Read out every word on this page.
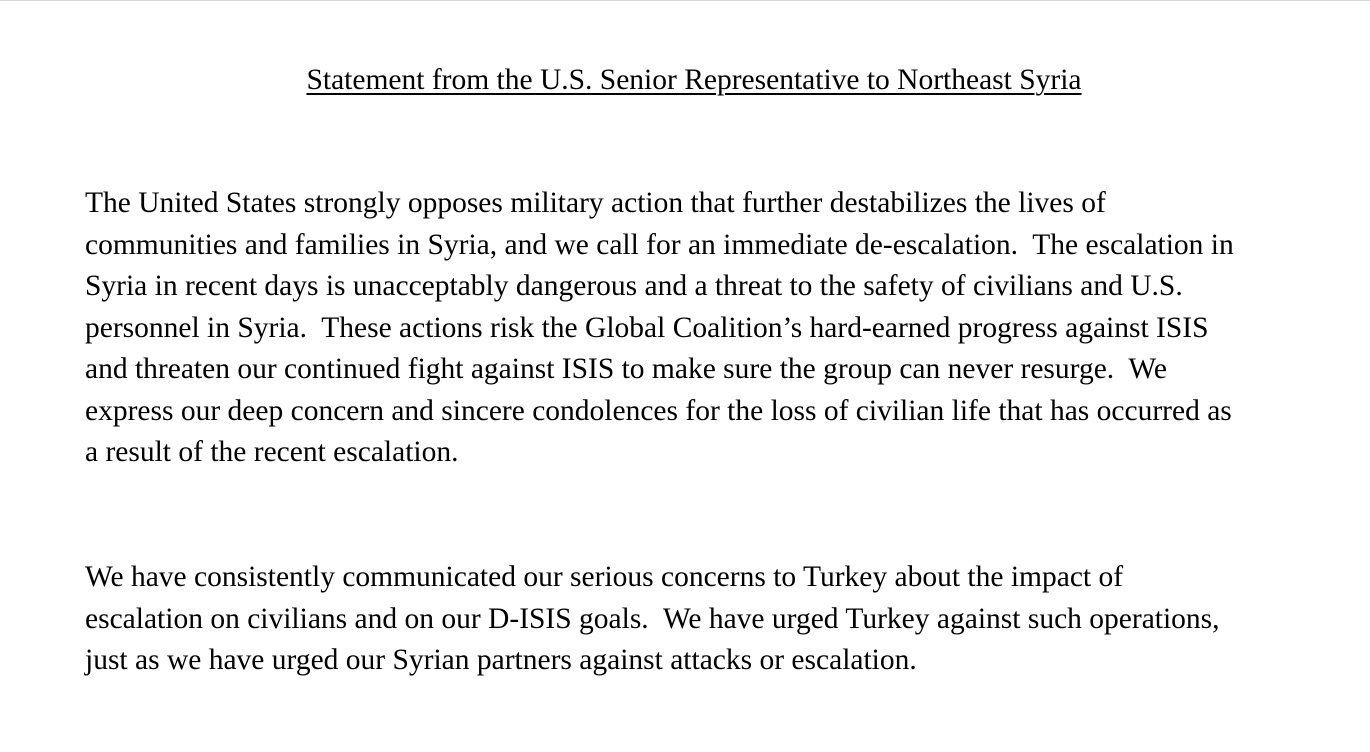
Statement from the U.S. Senior Representative to Northeast Syria
The United States strongly opposes military action that further destabilizes the lives of
communities and families in Syria, and we call for an immediate de-escalation.  The escalation in
Syria in recent days is unacceptably dangerous and a threat to the safety of civilians and U.S.
personnel in Syria.  These actions risk the Global Coalition’s hard-earned progress against ISIS
and threaten our continued fight against ISIS to make sure the group can never resurge.  We
express our deep concern and sincere condolences for the loss of civilian life that has occurred as
a result of the recent escalation.
We have consistently communicated our serious concerns to Turkey about the impact of
escalation on civilians and on our D-ISIS goals.  We have urged Turkey against such operations,
just as we have urged our Syrian partners against attacks or escalation.
